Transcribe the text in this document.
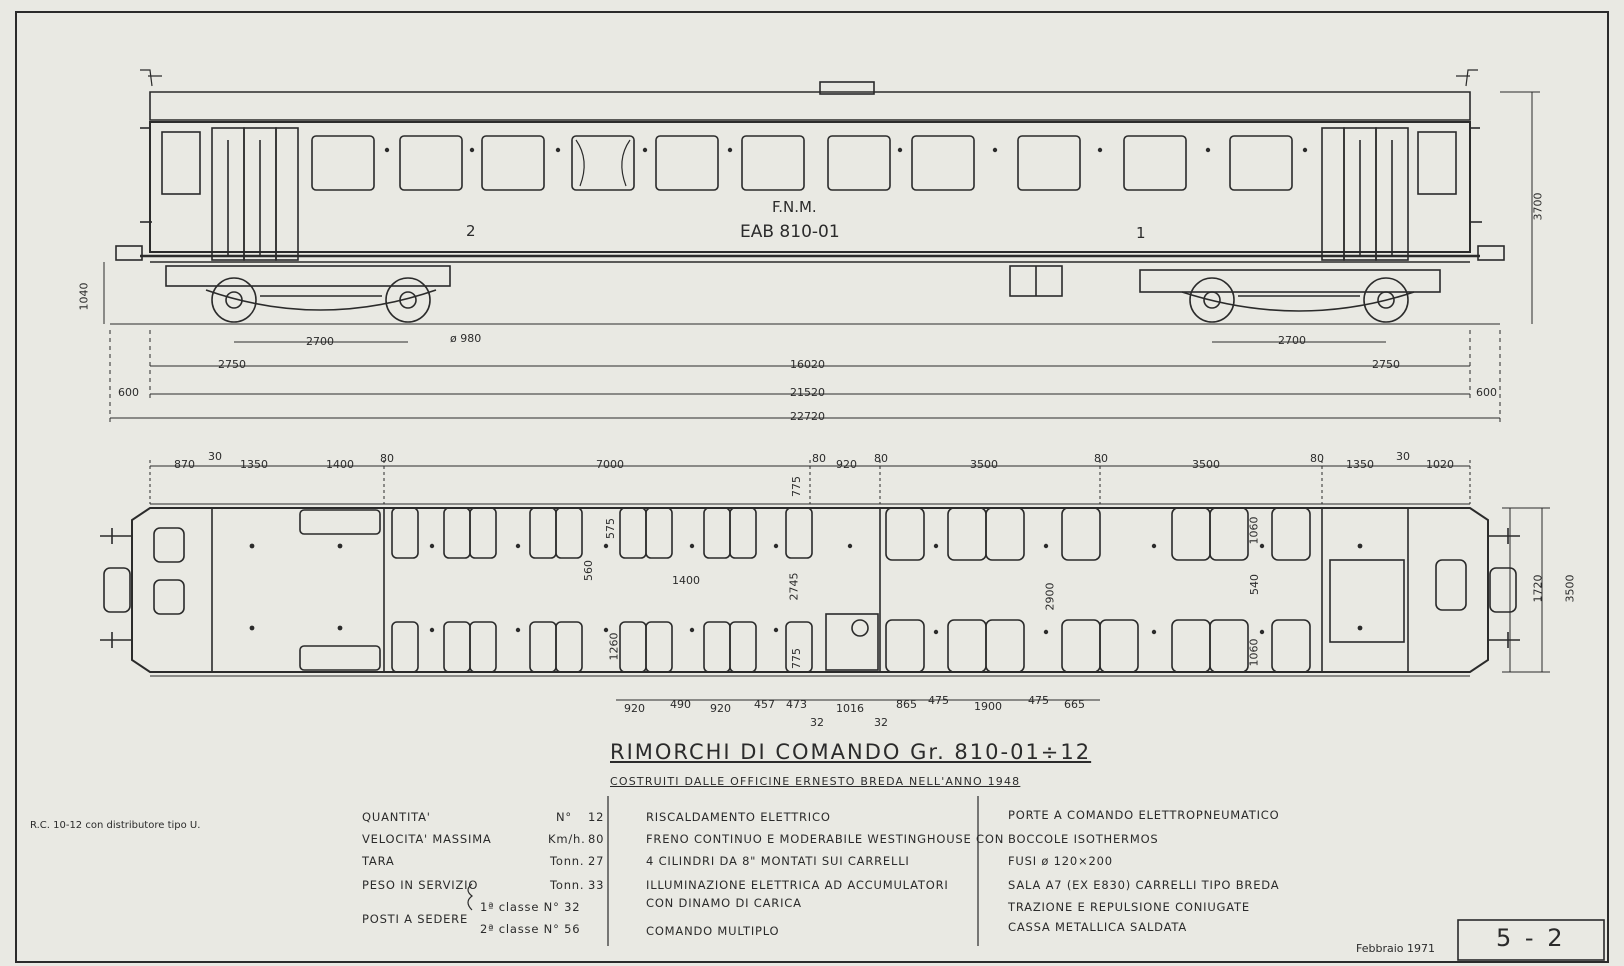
F.N.M.
EAB 810-01
2	1
2700	ø 980	2700
2750	16020	2750
600	21520	600
22720
3700
1040
870
30
1350	1400 80	7000	80 920 80	3500	80	3500	80 1350
30
1020
920 490 920 457 473
32
1016
32
865 475 1900 475 665
575
560	1400
1260
775
2745
775
2900
1060
540
1060
1720 3500
RIMORCHI DI COMANDO Gr. 810-01÷12
COSTRUITI DALLE OFFICINE ERNESTO BREDA NELL'ANNO 1948
R.C. 10-12 con distributore tipo U.
QUANTITA'	N° 12
VELOCITA' MASSIMA	Km/h. 80
TARA	Tonn. 27
PESO IN SERVIZIO	Tonn. 33
POSTI A SEDERE
1ª classe N° 32
2ª classe N° 56
RISCALDAMENTO ELETTRICO
FRENO CONTINUO E MODERABILE WESTINGHOUSE CON
4 CILINDRI DA 8" MONTATI SUI CARRELLI
ILLUMINAZIONE ELETTRICA AD ACCUMULATORI
CON DINAMO DI CARICA
COMANDO MULTIPLO
PORTE A COMANDO ELETTROPNEUMATICO
BOCCOLE ISOTHERMOS
FUSI ø 120×200
SALA A7 (EX E830) CARRELLI TIPO BREDA
TRAZIONE E REPULSIONE CONIUGATE
CASSA METALLICA SALDATA
Febbraio 1971	5 - 2
